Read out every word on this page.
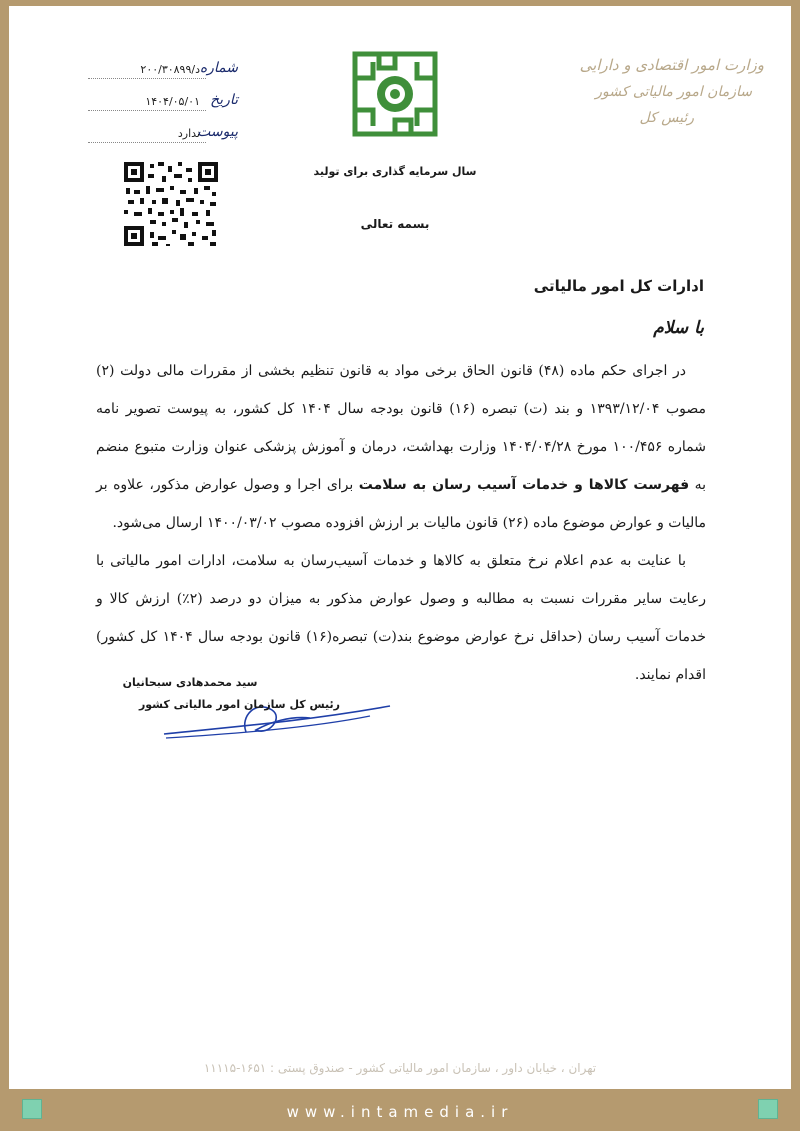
وزارت امور اقتصادی و دارایی
سازمان امور مالیاتی کشور
رئیس کل
شماره
د/۲۰۰/۳۰۸۹۹
تاریخ
۱۴۰۴/۰۵/۰۱
پیوست
ندارد
سال سرمایه گذاری برای تولید
بسمه تعالی
ادارات کل امور مالیاتی
با سلام

در اجرای حکم ماده (۴۸) قانون الحاق برخی مواد به قانون تنظیم بخشی از مقررات مالی دولت (۲) مصوب ۱۳۹۳/۱۲/۰۴ و بند (ت) تبصره (۱۶) قانون بودجه سال ۱۴۰۴ کل کشور، به پیوست تصویر نامه شماره ۱۰۰/۴۵۶ مورخ ۱۴۰۴/۰۴/۲۸ وزارت بهداشت، درمان و آموزش پزشکی عنوان وزارت متبوع منضم به فهرست کالاها و خدمات آسیب رسان به سلامت برای اجرا و وصول عوارض مذکور، علاوه بر مالیات و عوارض موضوع ماده (۲۶) قانون مالیات بر ارزش افزوده مصوب ۱۴۰۰/۰۳/۰۲ ارسال می‌شود.

با عنایت به عدم اعلام نرخ متعلق به کالاها و خدمات آسیب‌رسان به سلامت، ادارات امور مالیاتی با رعایت سایر مقررات نسبت به مطالبه و وصول عوارض مذکور به میزان دو درصد (۲٪) ارزش کالا و خدمات آسیب رسان (حداقل نرخ عوارض موضوع بند(ت) تبصره(۱۶) قانون بودجه سال ۱۴۰۴ کل کشور) اقدام نمایند.

سید محمدهادی سبحانیان
رئیس کل سازمان امور مالیاتی کشور
تهران ، خیابان داور ، سازمان امور مالیاتی کشور - صندوق پستی : ۱۶۵۱-۱۱۱۱۵
www.intamedia.ir
